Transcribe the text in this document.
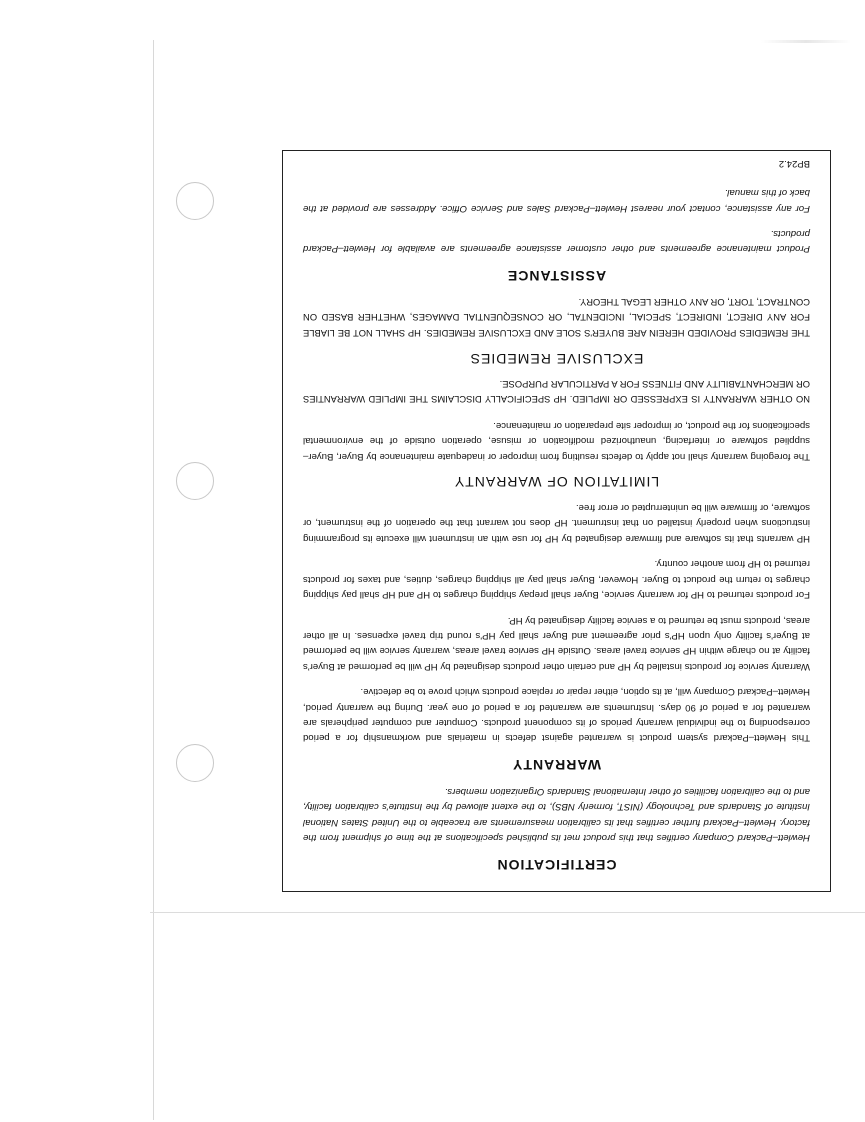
CERTIFICATION

Hewlett–Packard Company certifies that this product met its published specifications at the time of shipment from the factory. Hewlett–Packard further certifies that its calibration measurements are traceable to the United States National Institute of Standards and Technology (NIST, formerly NBS), to the extent allowed by the Institute's calibration facility, and to the calibration facilities of other International Standards Organization members.

WARRANTY

This Hewlett–Packard system product is warranted against defects in materials and workmanship for a period corresponding to the individual warranty periods of its component products. Computer and computer peripherals are warranted for a period of 90 days. Instruments are warranted for a period of one year. During the warranty period, Hewlett–Packard Company will, at its option, either repair or replace products which prove to be defective.

Warranty service for products installed by HP and certain other products designated by HP will be performed at Buyer's facility at no charge within HP service travel areas. Outside HP service travel areas, warranty service will be performed at Buyer's facility only upon HP's prior agreement and Buyer shall pay HP's round trip travel expenses. In all other areas, products must be returned to a service facility designated by HP.

For products returned to HP for warranty service, Buyer shall prepay shipping charges to HP and HP shall pay shipping charges to return the product to Buyer. However, Buyer shall pay all shipping charges, duties, and taxes for products returned to HP from another country.

HP warrants that its software and firmware designated by HP for use with an instrument will execute its programming instructions when properly installed on that instrument. HP does not warrant that the operation of the instrument, or software, or firmware will be uninterrupted or error free.

LIMITATION OF WARRANTY

The foregoing warranty shall not apply to defects resulting from improper or inadequate maintenance by Buyer, Buyer–supplied software or interfacing, unauthorized modification or misuse, operation outside of the environmental specifications for the product, or improper site preparation or maintenance.

NO OTHER WARRANTY IS EXPRESSED OR IMPLIED. HP SPECIFICALLY DISCLAIMS THE IMPLIED WARRANTIES OR MERCHANTABILITY AND FITNESS FOR A PARTICULAR PURPOSE.

EXCLUSIVE REMEDIES

THE REMEDIES PROVIDED HEREIN ARE BUYER'S SOLE AND EXCLUSIVE REMEDIES. HP SHALL NOT BE LIABLE FOR ANY DIRECT, INDIRECT, SPECIAL, INCIDENTAL, OR CONSEQUENTIAL DAMAGES, WHETHER BASED ON CONTRACT, TORT, OR ANY OTHER LEGAL THEORY.

ASSISTANCE

Product maintenance agreements and other customer assistance agreements are available for Hewlett–Packard products.

For any assistance, contact your nearest Hewlett–Packard Sales and Service Office. Addresses are provided at the back of this manual.

BP24.2
